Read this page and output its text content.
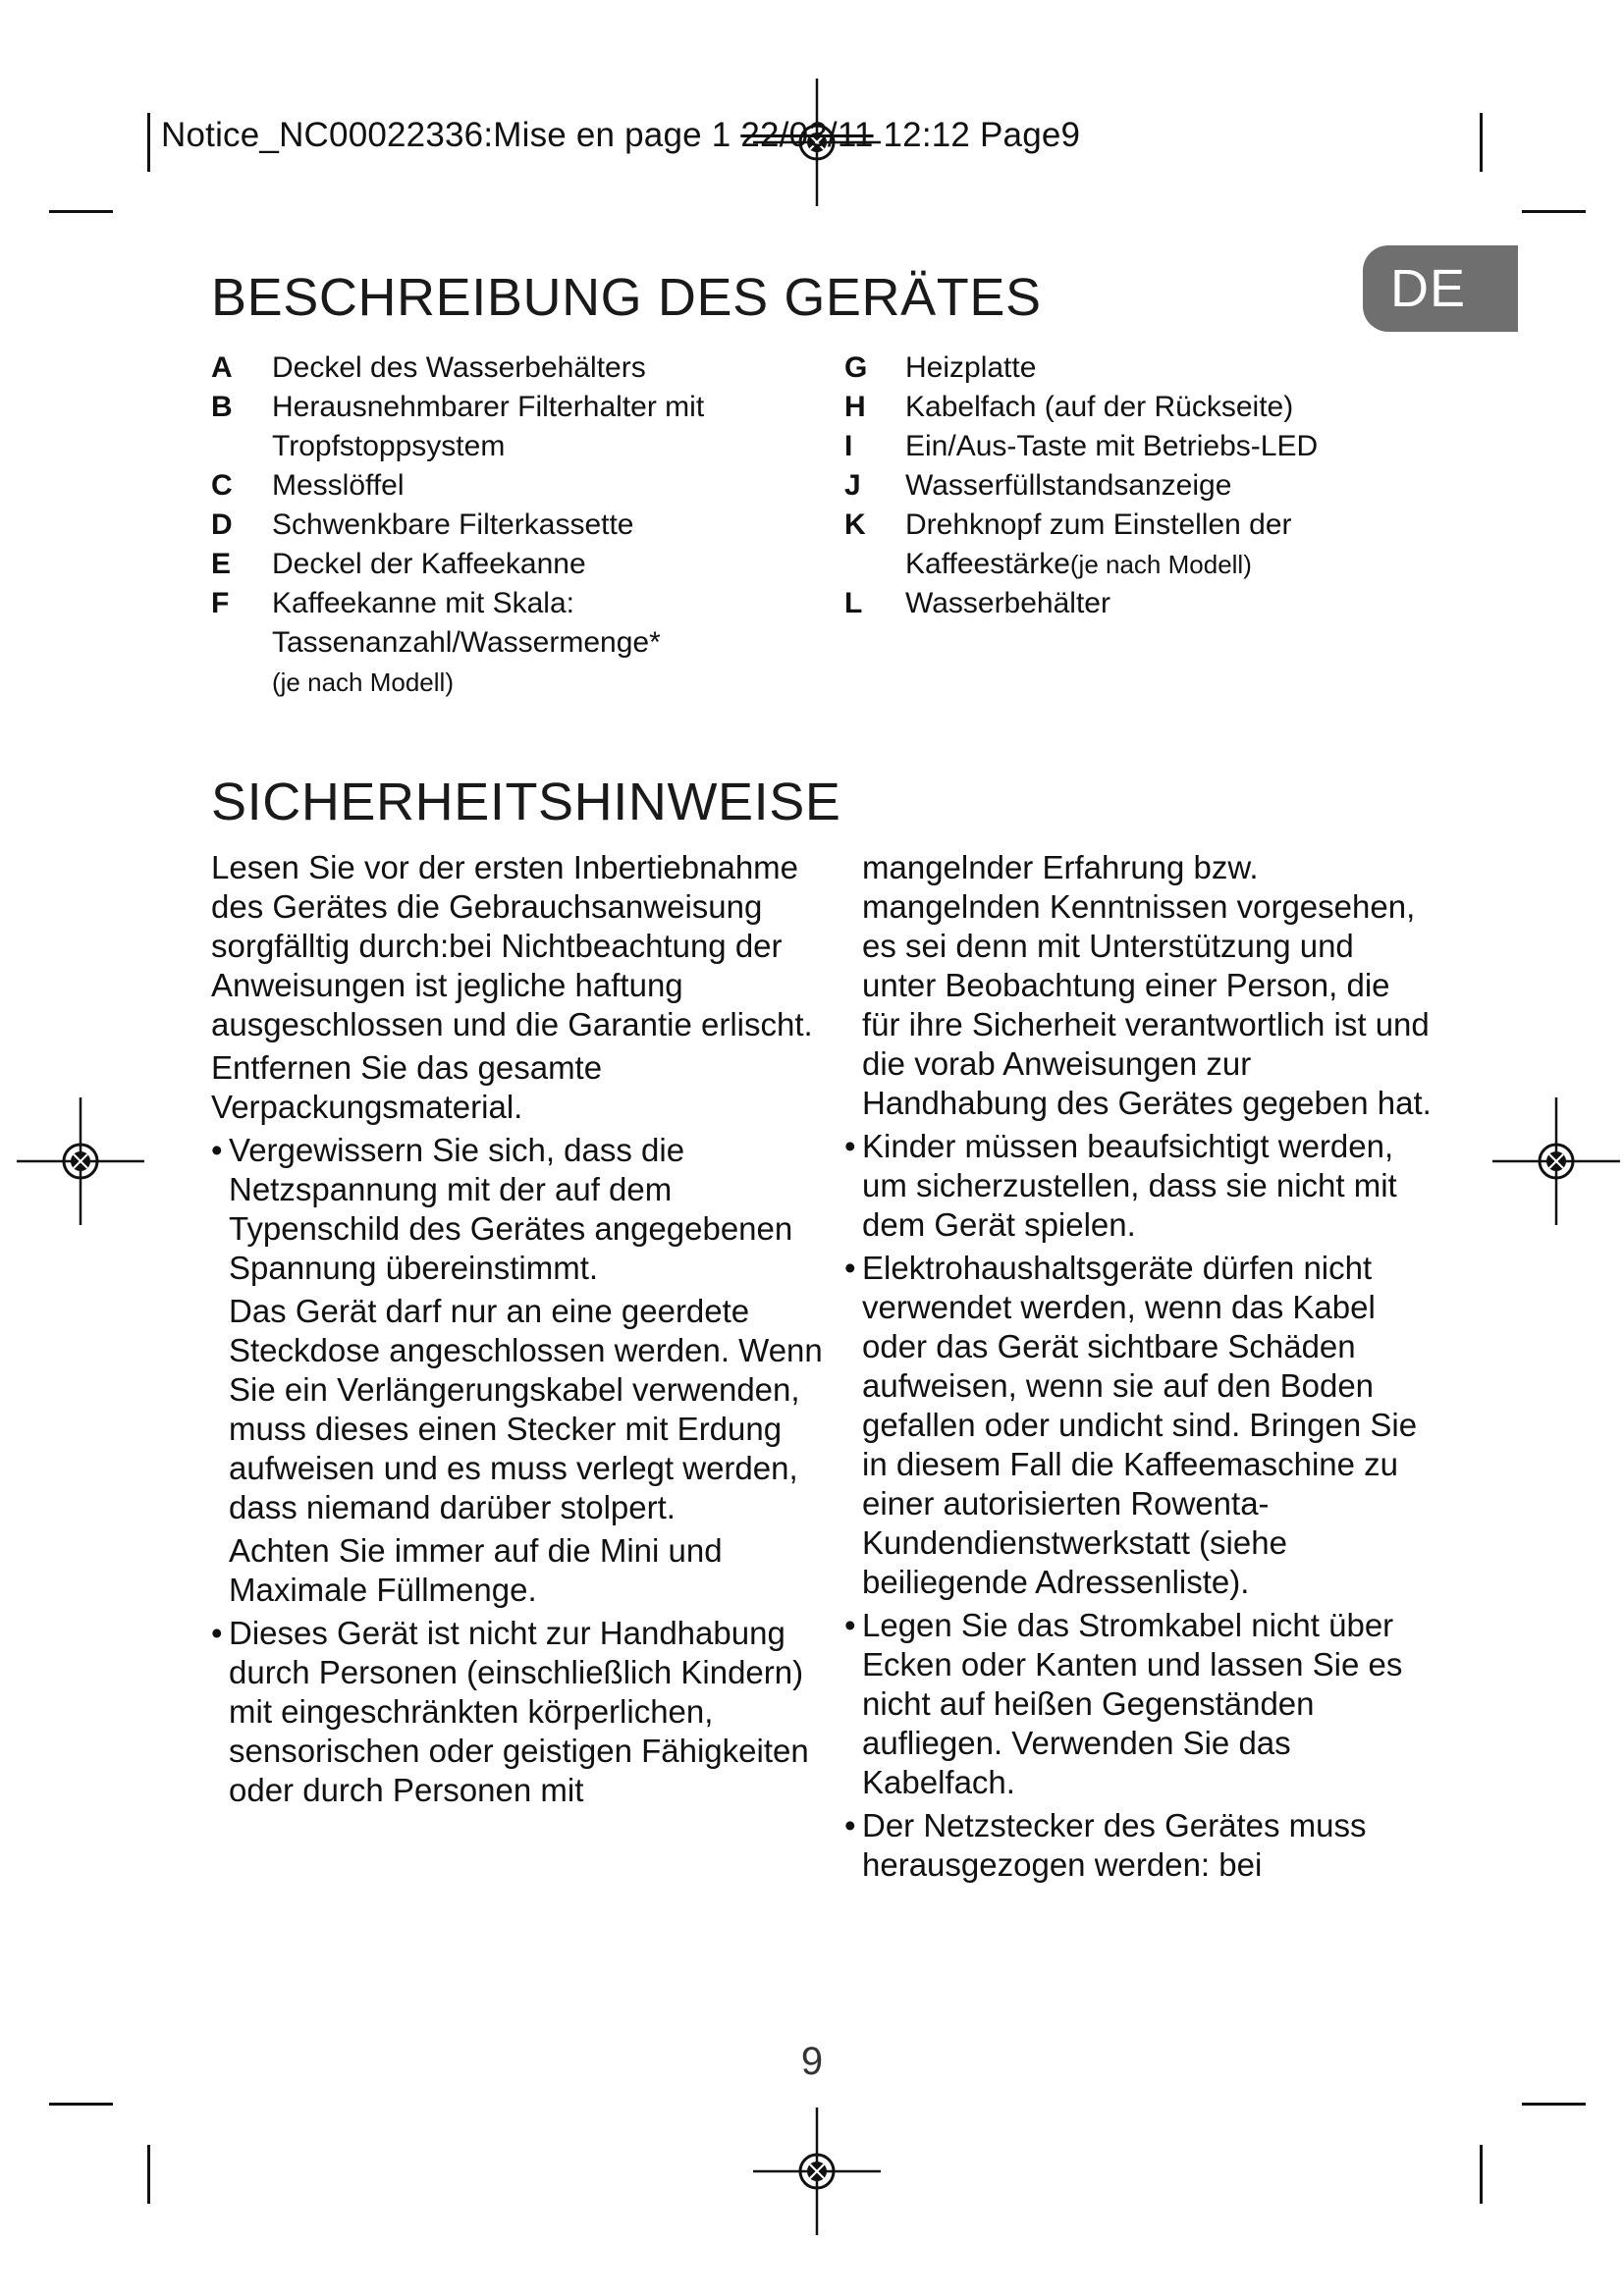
Notice_NC00022336:Mise en page 1 22/03/11 12:12 Page9
DE
BESCHREIBUNG DES GERÄTES
A	Deckel des Wasserbehälters
B	Herausnehmbarer Filterhalter mit
Tropfstoppsystem
C	Messlöffel
D	Schwenkbare Filterkassette
E	Deckel der Kaffeekanne
F	Kaffeekanne mit Skala:
Tassenanzahl/Wassermenge*
(je nach Modell)
G	Heizplatte
H	Kabelfach (auf der Rückseite)
I	Ein/Aus-Taste mit Betriebs-LED
J	Wasserfüllstandsanzeige
K	Drehknopf zum Einstellen der
Kaffeestärke(je nach Modell)
L	Wasserbehälter
SICHERHEITSHINWEISE

Lesen Sie vor der ersten Inbertiebnahme des Gerätes die Gebrauchsanweisung sorgfälltig durch:bei Nichtbeachtung der Anweisungen ist jegliche haftung ausgeschlossen und die Garantie erlischt.

Entfernen Sie das gesamte Verpackungsmaterial.

• Vergewissern Sie sich, dass die Netzspannung mit der auf dem Typenschild des Gerätes angegebenen Spannung übereinstimmt.
Das Gerät darf nur an eine geerdete Steckdose angeschlossen werden. Wenn Sie ein Verlängerungskabel verwenden, muss dieses einen Stecker mit Erdung aufweisen und es muss verlegt werden, dass niemand darüber stolpert.
Achten Sie immer auf die Mini und Maximale Füllmenge.
• Dieses Gerät ist nicht zur Handhabung durch Personen (einschließlich Kindern) mit eingeschränkten körperlichen, sensorischen oder geistigen Fähigkeiten oder durch Personen mit
mangelnder Erfahrung bzw. mangelnden Kenntnissen vorgesehen, es sei denn mit Unterstützung und unter Beobachtung einer Person, die für ihre Sicherheit verantwortlich ist und die vorab Anweisungen zur Handhabung des Gerätes gegeben hat.
• Kinder müssen beaufsichtigt werden, um sicherzustellen, dass sie nicht mit dem Gerät spielen.
• Elektrohaushaltsgeräte dürfen nicht verwendet werden, wenn das Kabel oder das Gerät sichtbare Schäden aufweisen, wenn sie auf den Boden gefallen oder undicht sind. Bringen Sie in diesem Fall die Kaffeemaschine zu einer autorisierten Rowenta-Kundendienstwerkstatt (siehe beiliegende Adressenliste).
• Legen Sie das Stromkabel nicht über Ecken oder Kanten und lassen Sie es nicht auf heißen Gegenständen aufliegen. Verwenden Sie das Kabelfach.
• Der Netzstecker des Gerätes muss herausgezogen werden: bei
9
